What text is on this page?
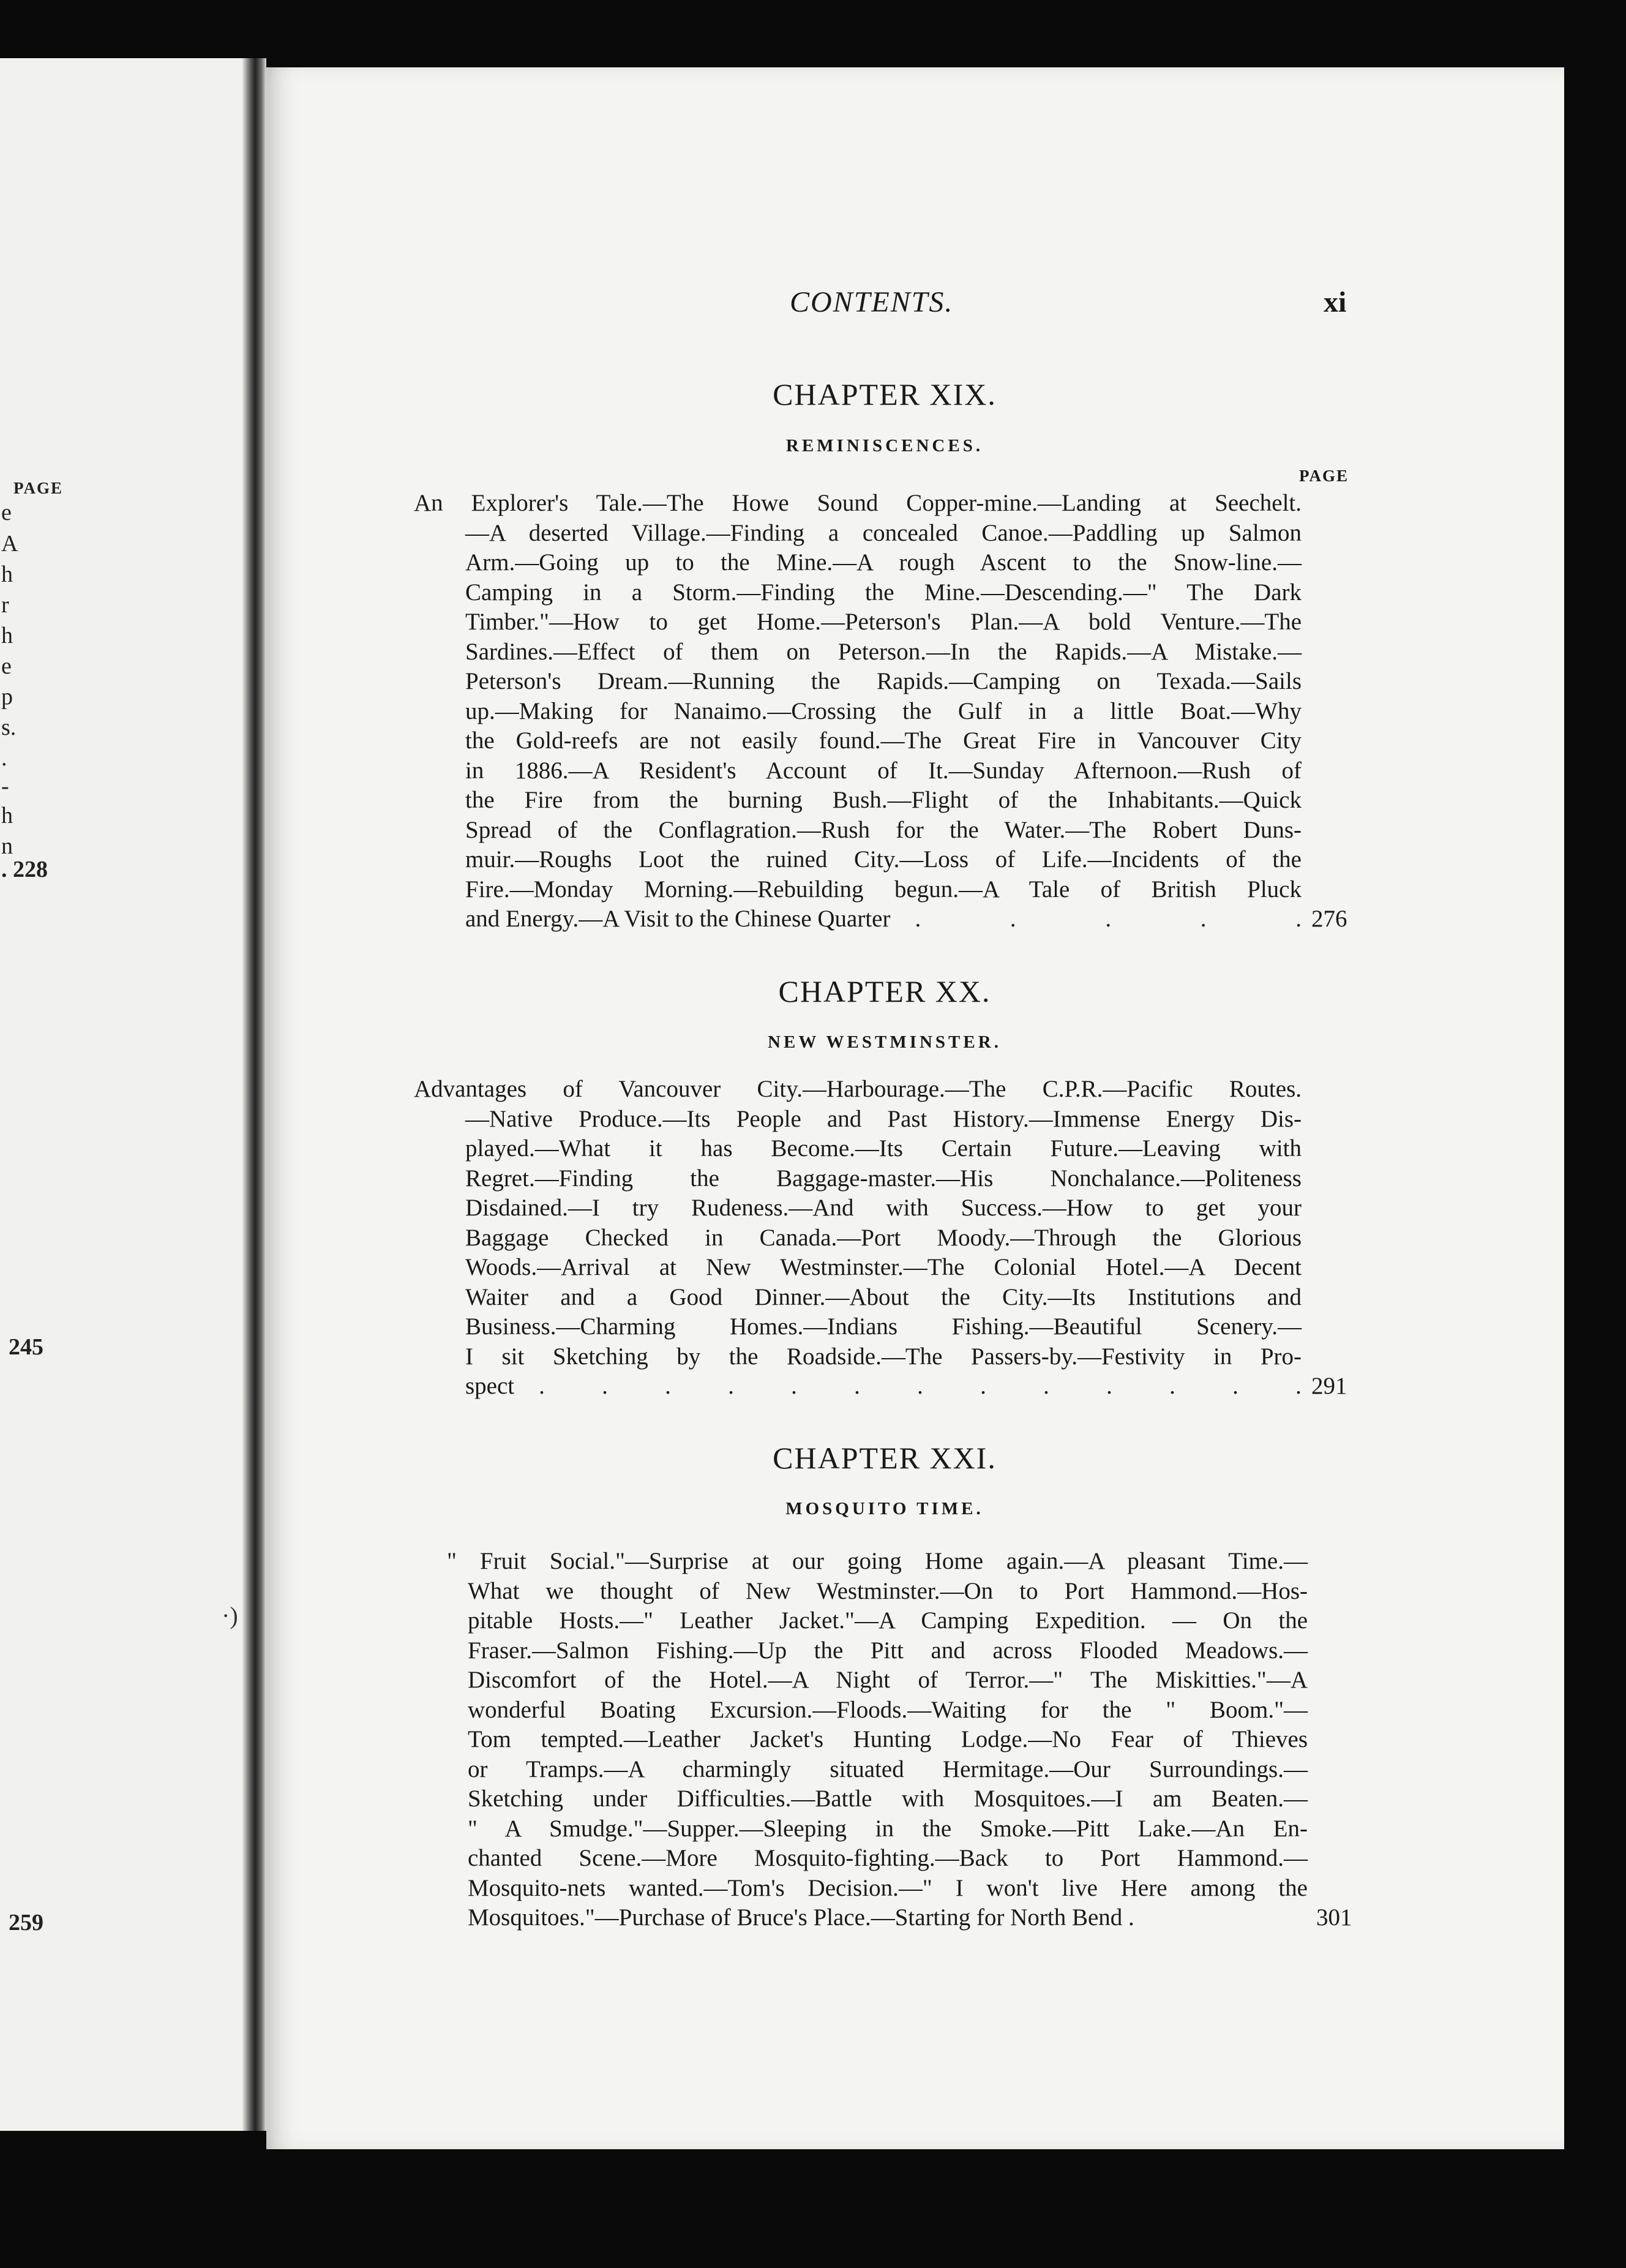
PAGE
e
A
h
r
h
e
p
s.
.
-
h
n
. 228
245
259
·)
CONTENTS.	xi
PAGE
CHAPTER XIX.
REMINISCENCES.
An Explorer's Tale.—The Howe Sound Copper-mine.—Landing at Seechelt.
—A deserted Village.—Finding a concealed Canoe.—Paddling up Salmon
Arm.—Going up to the Mine.—A rough Ascent to the Snow-line.—
Camping in a Storm.—Finding the Mine.—Descending.—" The Dark
Timber."—How to get Home.—Peterson's Plan.—A bold Venture.—The
Sardines.—Effect of them on Peterson.—In the Rapids.—A Mistake.—
Peterson's Dream.—Running the Rapids.—Camping on Texada.—Sails
up.—Making for Nanaimo.—Crossing the Gulf in a little Boat.—Why
the Gold-reefs are not easily found.—The Great Fire in Vancouver City
in 1886.—A Resident's Account of It.—Sunday Afternoon.—Rush of
the Fire from the burning Bush.—Flight of the Inhabitants.—Quick
Spread of the Conflagration.—Rush for the Water.—The Robert Duns-
muir.—Roughs Loot the ruined City.—Loss of Life.—Incidents of the
Fire.—Monday Morning.—Rebuilding begun.—A Tale of British Pluck
and Energy.—A Visit to the Chinese Quarter .	.	.	.	. 276
CHAPTER XX.
NEW WESTMINSTER.
Advantages of Vancouver City.—Harbourage.—The C.P.R.—Pacific Routes.
—Native Produce.—Its People and Past History.—Immense Energy Dis-
played.—What it has Become.—Its Certain Future.—Leaving with
Regret.—Finding the Baggage-master.—His Nonchalance.—Politeness
Disdained.—I try Rudeness.—And with Success.—How to get your
Baggage Checked in Canada.—Port Moody.—Through the Glorious
Woods.—Arrival at New Westminster.—The Colonial Hotel.—A Decent
Waiter and a Good Dinner.—About the City.—Its Institutions and
Business.—Charming Homes.—Indians Fishing.—Beautiful Scenery.—
I sit Sketching by the Roadside.—The Passers-by.—Festivity in Pro-
spect . . . . . . . . . . . . . 291
CHAPTER XXI.
MOSQUITO TIME.
" Fruit Social."—Surprise at our going Home again.—A pleasant Time.—
What we thought of New Westminster.—On to Port Hammond.—Hos-
pitable Hosts.—" Leather Jacket."—A Camping Expedition. — On the
Fraser.—Salmon Fishing.—Up the Pitt and across Flooded Meadows.—
Discomfort of the Hotel.—A Night of Terror.—" The Miskitties."—A
wonderful Boating Excursion.—Floods.—Waiting for the " Boom."—
Tom tempted.—Leather Jacket's Hunting Lodge.—No Fear of Thieves
or Tramps.—A charmingly situated Hermitage.—Our Surroundings.—
Sketching under Difficulties.—Battle with Mosquitoes.—I am Beaten.—
" A Smudge."—Supper.—Sleeping in the Smoke.—Pitt Lake.—An En-
chanted Scene.—More Mosquito-fighting.—Back to Port Hammond.—
Mosquito-nets wanted.—Tom's Decision.—" I won't live Here among the
Mosquitoes."—Purchase of Bruce's Place.—Starting for North Bend .	301
